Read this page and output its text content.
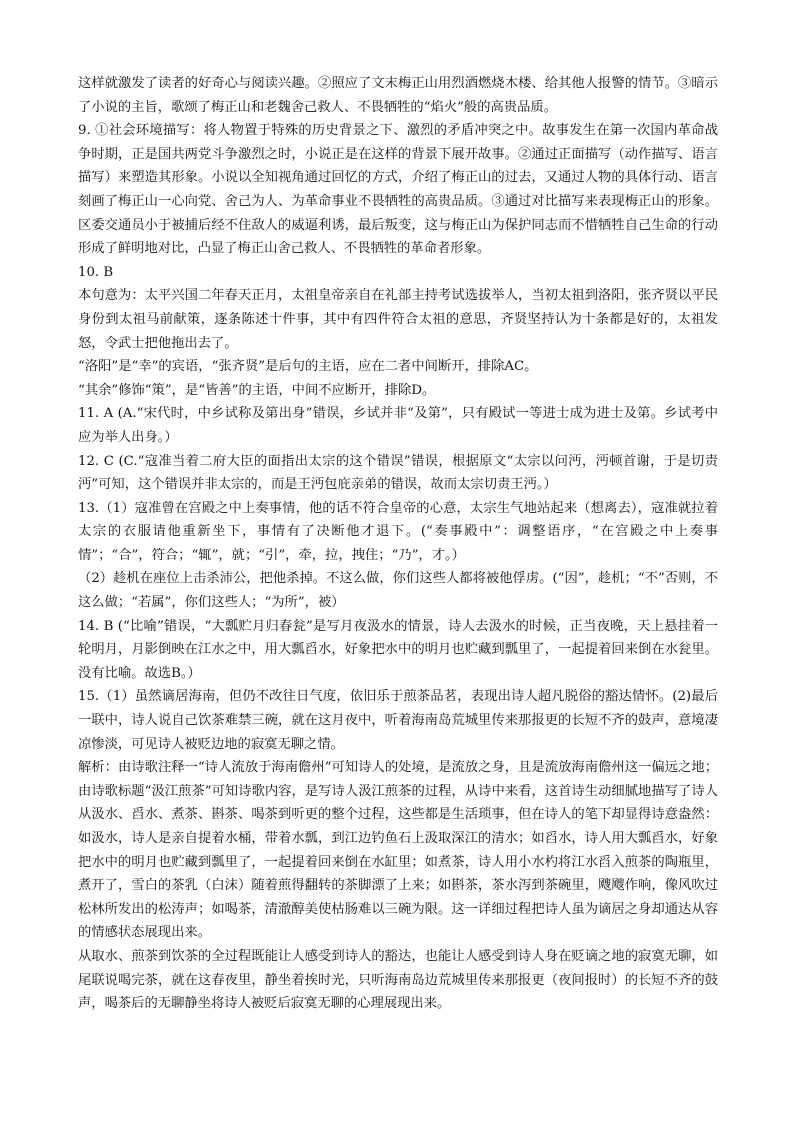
这样就激发了读者的好奇心与阅读兴趣。②照应了文末梅正山用烈酒燃烧木楼、给其他人报警的情节。③暗示了小说的主旨，歌颂了梅正山和老魏舍己救人、不畏牺牲的“焰火”般的高贵品质。

9. ①社会环境描写：将人物置于特殊的历史背景之下、激烈的矛盾冲突之中。故事发生在第一次国内革命战争时期，正是国共两党斗争激烈之时，小说正是在这样的背景下展开故事。②通过正面描写（动作描写、语言描写）来塑造其形象。小说以全知视角通过回忆的方式，介绍了梅正山的过去，又通过人物的具体行动、语言刻画了梅正山一心向党、舍己为人、为革命事业不畏牺牲的高贵品质。③通过对比描写来表现梅正山的形象。区委交通员小于被捕后经不住敌人的威逼利诱，最后叛变，这与梅正山为保护同志而不惜牺牲自己生命的行动形成了鲜明地对比，凸显了梅正山舍己救人、不畏牺牲的革命者形象。

10. B

本句意为：太平兴国二年春天正月，太祖皇帝亲自在礼部主持考试选拔举人，当初太祖到洛阳，张齐贤以平民身份到太祖马前献策，逐条陈述十件事，其中有四件符合太祖的意思，齐贤坚持认为十条都是好的，太祖发怒，令武士把他拖出去了。

“洛阳”是“幸”的宾语，“张齐贤”是后句的主语，应在二者中间断开，排除AC。

“其余”修饰“策”，是“皆善”的主语，中间不应断开，排除D。

11. A (A.“宋代时，中乡试称及第出身”错误，乡试并非“及第”，只有殿试一等进士成为进士及第。乡试考中应为举人出身。）

12. C (C.“寇准当着二府大臣的面指出太宗的这个错误”错误，根据原文“太宗以问沔，沔顿首谢，于是切责沔”可知，这个错误并非太宗的，而是王沔包庇亲弟的错误，故而太宗切责王沔。）

13.（1）寇准曾在宫殿之中上奏事情，他的话不符合皇帝的心意，太宗生气地站起来（想离去），寇准就拉着太宗的衣服请他重新坐下，事情有了决断他才退下。(“奏事殿中”：调整语序，“在宫殿之中上奏事情”；“合”，符合；“辄”，就；“引”，牵，拉，拽住；“乃”，才。）

（2）趁机在座位上击杀沛公，把他杀掉。不这么做，你们这些人都将被他俘虏。(“因”，趁机；“不”否则，不这么做；“若属”，你们这些人；“为所”，被）

14. B (“比喻”错误，“大瓢贮月归春瓮”是写月夜汲水的情景，诗人去汲水的时候，正当夜晚，天上悬挂着一轮明月，月影倒映在江水之中，用大瓢舀水，好象把水中的明月也贮藏到瓢里了，一起提着回来倒在水瓮里。没有比喻。故选B。）

15.（1）虽然谪居海南，但仍不改往日气度，依旧乐于煎茶品茗，表现出诗人超凡脱俗的豁达情怀。(2)最后一联中，诗人说自己饮茶难禁三碗，就在这月夜中，听着海南岛荒城里传来那报更的长短不齐的鼓声，意境凄凉惨淡，可见诗人被贬边地的寂寞无聊之情。

解析：由诗歌注释一“诗人流放于海南儋州”可知诗人的处境，是流放之身，且是流放海南儋州这一偏远之地；由诗歌标题“汲江煎茶”可知诗歌内容，是写诗人汲江煎茶的过程，从诗中来看，这首诗生动细腻地描写了诗人从汲水、舀水、煮茶、斟茶、喝茶到听更的整个过程，这些都是生活琐事，但在诗人的笔下却显得诗意盎然：如汲水，诗人是亲自提着水桶，带着水瓢，到江边钓鱼石上汲取深江的清水；如舀水，诗人用大瓢舀水，好象把水中的明月也贮藏到瓢里了，一起提着回来倒在水缸里；如煮茶，诗人用小水杓将江水舀入煎茶的陶瓶里，煮开了，雪白的茶乳（白沫）随着煎得翻转的茶脚漂了上来；如斟茶，茶水泻到茶碗里，飕飕作响，像风吹过松林所发出的松涛声；如喝茶，清澈醇美使枯肠难以三碗为限。这一详细过程把诗人虽为谪居之身却通达从容的情感状态展现出来。

从取水、煎茶到饮茶的全过程既能让人感受到诗人的豁达，也能让人感受到诗人身在贬谪之地的寂寞无聊，如尾联说喝完茶，就在这春夜里，静坐着挨时光，只听海南岛边荒城里传来那报更（夜间报时）的长短不齐的鼓声，喝茶后的无聊静坐将诗人被贬后寂寞无聊的心理展现出来。
